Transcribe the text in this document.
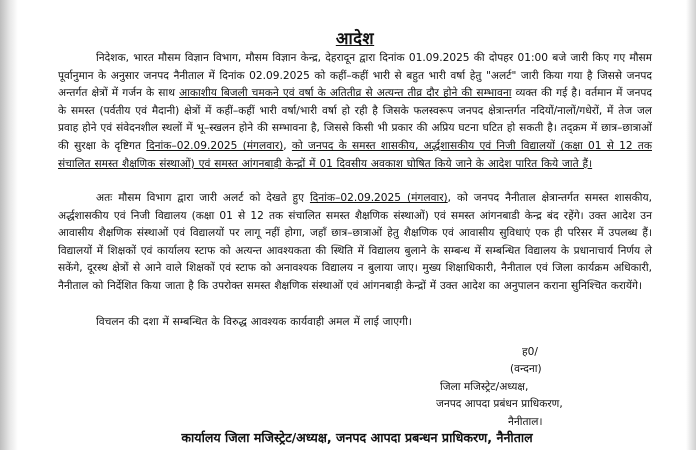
आदेश
निदेशक, भारत मौसम विज्ञान विभाग, मौसम विज्ञान केन्द्र, देहरादून द्वारा दिनांक 01.09.2025 की दोपहर 01:00 बजे जारी किए गए मौसम पूर्वानुमान के अनुसार जनपद नैनीताल में दिनांक 02.09.2025 को कहीं–कहीं भारी से बहुत भारी वर्षा हेतु "अलर्ट" जारी किया गया है जिससे जनपद अन्तर्गत क्षेत्रों में गर्जन के साथ आकाशीय बिजली चमकने एवं वर्षा के अतितीव्र से अत्यन्त तीव्र दौर होने की सम्भावना व्यक्त की गई है। वर्तमान में जनपद के समस्त (पर्वतीय एवं मैदानी) क्षेत्रों में कहीं–कहीं भारी वर्षा/भारी वर्षा हो रही है जिसके फलस्वरूप जनपद क्षेत्रान्तर्गत नदियों/नालों/गधेरों, में तेज जल प्रवाह होने एवं संवेदनशील स्थलों में भू–स्खलन होने की सम्भावना है, जिससे किसी भी प्रकार की अप्रिय घटना घटित हो सकती है। तद्क्रम में छात्र–छात्राओं की सुरक्षा के दृष्टिगत दिनांक–02.09.2025 (मंगलवार), को जनपद के समस्त शासकीय, अर्द्धशासकीय एवं निजी विद्यालयों (कक्षा 01 से 12 तक संचालित समस्त शैक्षणिक संस्थाओं) एवं समस्त आंगनबाड़ी केन्द्रों में 01 दिवसीय अवकाश घोषित किये जाने के आदेश पारित किये जाते हैं।
अतः मौसम विभाग द्वारा जारी अलर्ट को देखते हुए दिनांक–02.09.2025 (मंगलवार), को जनपद नैनीताल क्षेत्रान्तर्गत समस्त शासकीय, अर्द्धशासकीय एवं निजी विद्यालय (कक्षा 01 से 12 तक संचालित समस्त शैक्षणिक संस्थाओं) एवं समस्त आंगनबाडी केन्द्र बंद रहेंगे। उक्त आदेश उन आवासीय शैक्षणिक संस्थाओं एवं विद्यालयों पर लागू नहीं होगा, जहाँ छात्र–छात्राओं हेतु शैक्षणिक एवं आवासीय सुविधाएं एक ही परिसर में उपलब्ध हैं। विद्यालयों में शिक्षकों एवं कार्यालय स्टाफ को अत्यन्त आवश्यकता की स्थिति में विद्यालय बुलाने के सम्बन्ध में सम्बन्धित विद्यालय के प्रधानाचार्य निर्णय ले सकेंगे, दूरस्थ क्षेत्रों से आने वाले शिक्षकों एवं स्टाफ को अनावश्यक विद्यालय न बुलाया जाए। मुख्य शिक्षाधिकारी, नैनीताल एवं जिला कार्यक्रम अधिकारी, नैनीताल को निर्देशित किया जाता है कि उपरोक्त समस्त शैक्षणिक संस्थाओं एवं आंगनबाड़ी केन्द्रों में उक्त आदेश का अनुपालन कराना सुनिश्चित करायेंगे।
विचलन की दशा में सम्बन्धित के विरुद्ध आवश्यक कार्यवाही अमल में लाई जाएगी।
ह0/
(वन्दना)
जिला मजिस्ट्रेट/अध्यक्ष,
जनपद आपदा प्रबंधन प्राधिकरण,
नैनीताल।
कार्यालय जिला मजिस्ट्रेट/अध्यक्ष, जनपद आपदा प्रबन्धन प्राधिकरण, नैनीताल
